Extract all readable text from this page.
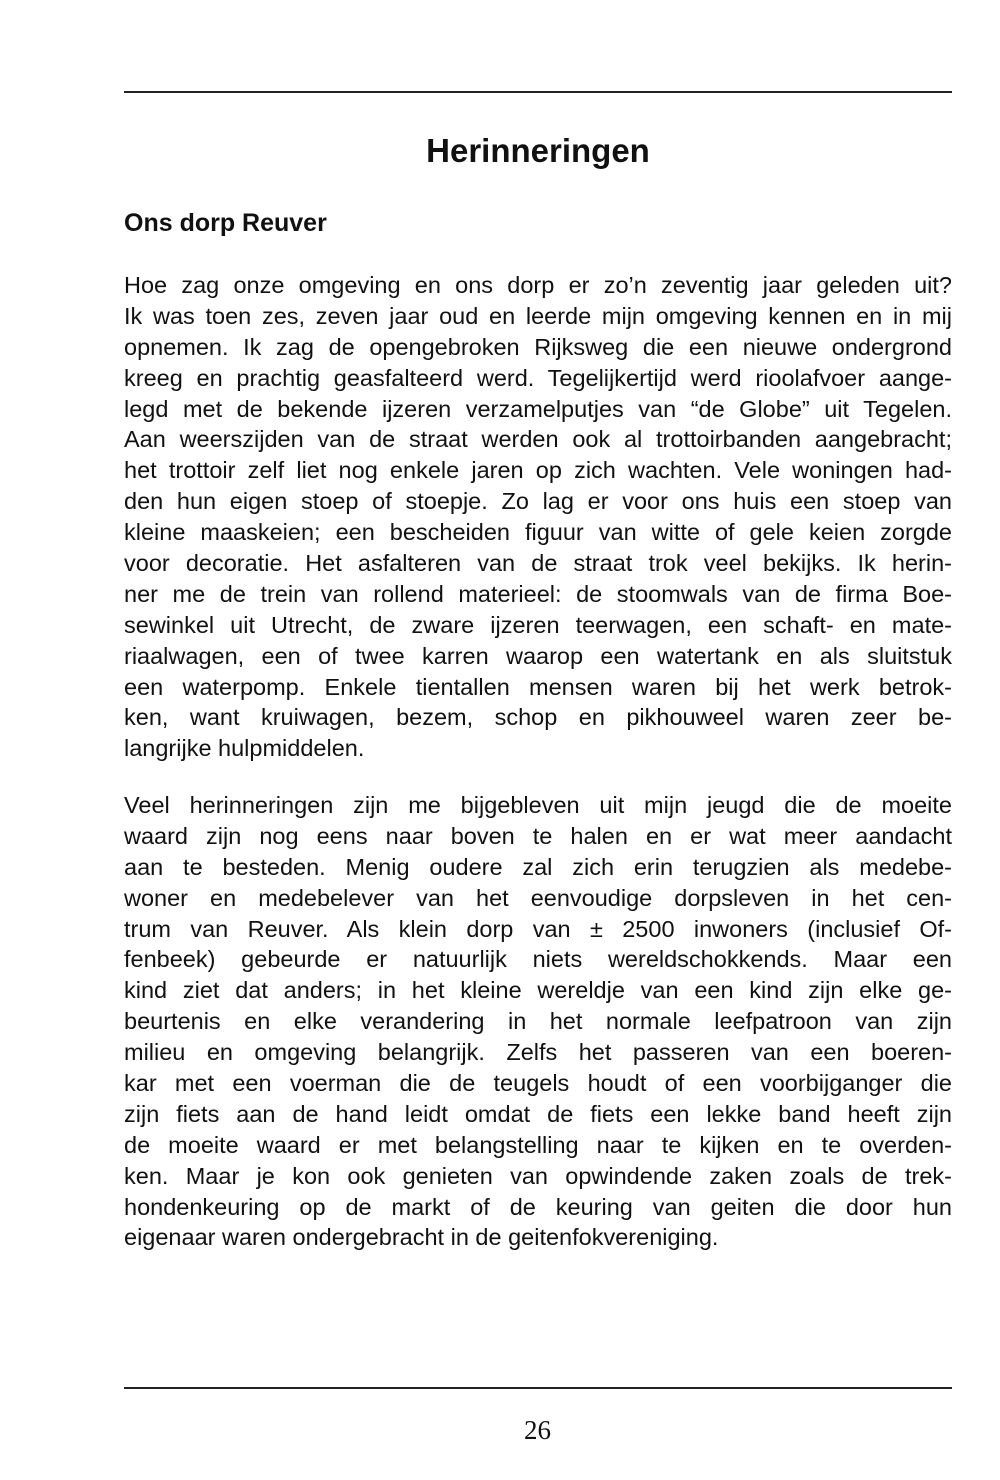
Herinneringen
Ons dorp Reuver
Hoe zag onze omgeving en ons dorp er zo’n zeventig jaar geleden uit?
Ik was toen zes, zeven jaar oud en leerde mijn omgeving kennen en in mij
opnemen. Ik zag de opengebroken Rijksweg die een nieuwe ondergrond
kreeg en prachtig geasfalteerd werd. Tegelijkertijd werd rioolafvoer aange-
legd met de bekende ijzeren verzamelputjes van “de Globe” uit Tegelen.
Aan weerszijden van de straat werden ook al trottoirbanden aangebracht;
het trottoir zelf liet nog enkele jaren op zich wachten. Vele woningen had-
den hun eigen stoep of stoepje. Zo lag er voor ons huis een stoep van
kleine maaskeien; een bescheiden figuur van witte of gele keien zorgde
voor decoratie. Het asfalteren van de straat trok veel bekijks. Ik herin-
ner me de trein van rollend materieel: de stoomwals van de firma Boe-
sewinkel uit Utrecht, de zware ijzeren teerwagen, een schaft- en mate-
riaalwagen, een of twee karren waarop een watertank en als sluitstuk
een waterpomp. Enkele tientallen mensen waren bij het werk betrok-
ken, want kruiwagen, bezem, schop en pikhouweel waren zeer be-
langrijke hulpmiddelen.
Veel herinneringen zijn me bijgebleven uit mijn jeugd die de moeite
waard zijn nog eens naar boven te halen en er wat meer aandacht
aan te besteden. Menig oudere zal zich erin terugzien als medebe-
woner en medebelever van het eenvoudige dorpsleven in het cen-
trum van Reuver. Als klein dorp van ± 2500 inwoners (inclusief Of-
fenbeek) gebeurde er natuurlijk niets wereldschokkends. Maar een
kind ziet dat anders; in het kleine wereldje van een kind zijn elke ge-
beurtenis en elke verandering in het normale leefpatroon van zijn
milieu en omgeving belangrijk. Zelfs het passeren van een boeren-
kar met een voerman die de teugels houdt of een voorbijganger die
zijn fiets aan de hand leidt omdat de fiets een lekke band heeft zijn
de moeite waard er met belangstelling naar te kijken en te overden-
ken. Maar je kon ook genieten van opwindende zaken zoals de trek-
hondenkeuring op de markt of de keuring van geiten die door hun
eigenaar waren ondergebracht in de geitenfokvereniging.
26
